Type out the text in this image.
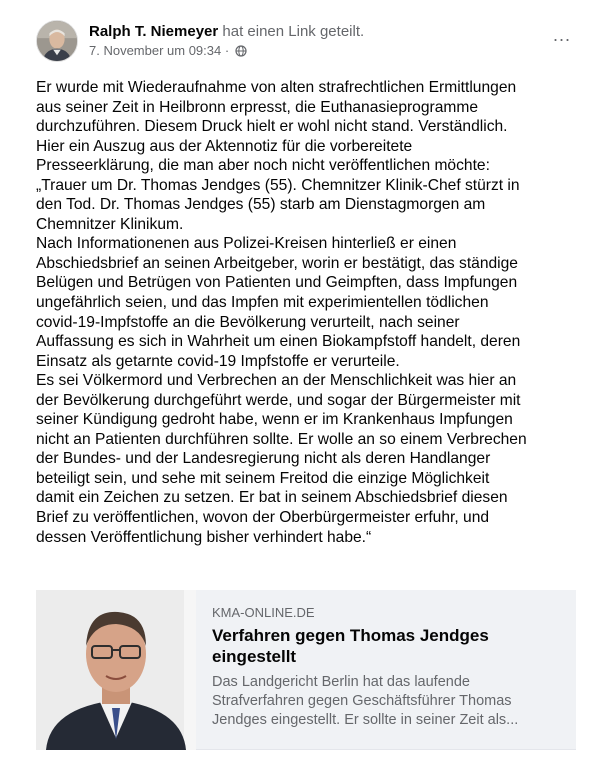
Ralph T. Niemeyer hat einen Link geteilt.
7. November um 09:34 ·
...
Er wurde mit Wiederaufnahme von alten strafrechtlichen Ermittlungen
aus seiner Zeit in Heilbronn erpresst, die Euthanasieprogramme
durchzuführen. Diesem Druck hielt er wohl nicht stand. Verständlich.
Hier ein Auszug aus der Aktennotiz für die vorbereitete
Presseerklärung, die man aber noch nicht veröffentlichen möchte:
„Trauer um Dr. Thomas Jendges (55). Chemnitzer Klinik-Chef stürzt in
den Tod. Dr. Thomas Jendges (55) starb am Dienstagmorgen am
Chemnitzer Klinikum.
Nach Informationenen aus Polizei-Kreisen hinterließ er einen
Abschiedsbrief an seinen Arbeitgeber, worin er bestätigt, das ständige
Belügen und Betrügen von Patienten und Geimpften, dass Impfungen
ungefährlich seien, und das Impfen mit experimientellen tödlichen
covid-19-Impfstoffe an die Bevölkerung verurteilt, nach seiner
Auffassung es sich in Wahrheit um einen Biokampfstoff handelt, deren
Einsatz als getarnte covid-19 Impfstoffe er verurteile.
Es sei Völkermord und Verbrechen an der Menschlichkeit was hier an
der Bevölkerung durchgeführt werde, und sogar der Bürgermeister mit
seiner Kündigung gedroht habe, wenn er im Krankenhaus Impfungen
nicht an Patienten durchführen sollte. Er wolle an so einem Verbrechen
der Bundes- und der Landesregierung nicht als deren Handlanger
beteiligt sein, und sehe mit seinem Freitod die einzige Möglichkeit
damit ein Zeichen zu setzen. Er bat in seinem Abschiedsbrief diesen
Brief zu veröffentlichen, wovon der Oberbürgermeister erfuhr, und
dessen Veröffentlichung bisher verhindert habe.“
KMA-ONLINE.DE
Verfahren gegen Thomas Jendges eingestellt
Das Landgericht Berlin hat das laufende Strafverfahren gegen Geschäftsführer Thomas Jendges eingestellt. Er sollte in seiner Zeit als...
